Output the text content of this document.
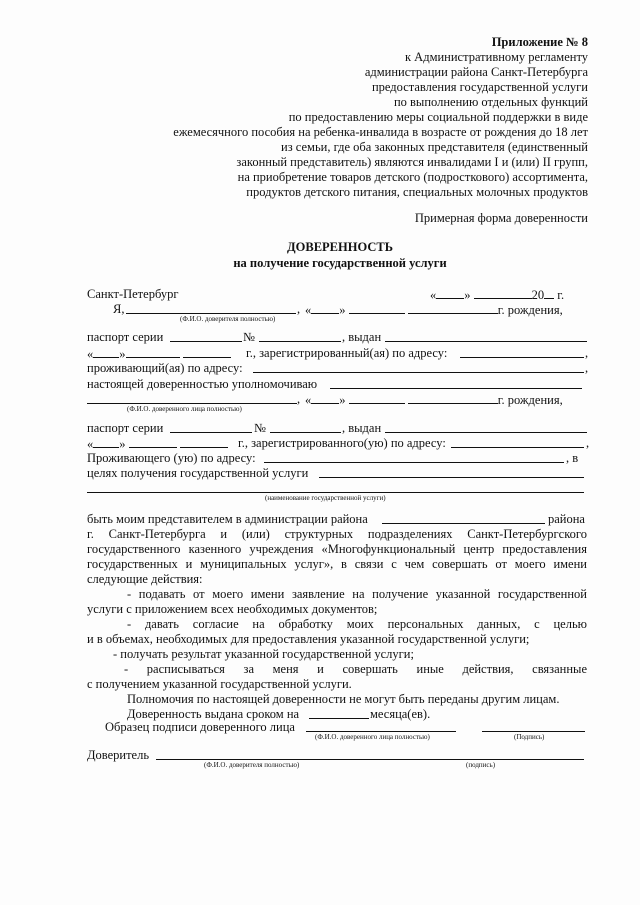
Приложение № 8
к Административному регламенту
администрации района Санкт-Петербурга
предоставления государственной услуги
по выполнению отдельных функций
по предоставлению меры социальной поддержки в виде
ежемесячного пособия на ребенка-инвалида в возрасте от рождения до 18 лет
из семьи, где оба законных представителя (единственный
законный представитель) являются инвалидами I и (или) II групп,
на приобретение товаров детского (подросткового) ассортимента,
продуктов детского питания, специальных молочных продуктов
Примерная форма доверенности
ДОВЕРЕННОСТЬ
на получение государственной услуги
Санкт-Петербург	« »	20 г.
Я,	, « »	г. рождения,
(Ф.И.О. доверителя полностью)
паспорт серии	№	, выдан
« »	г., зарегистрированный(ая) по адресу:	,
проживающий(ая) по адресу:	,
настоящей доверенностью уполномочиваю
, « »	г. рождения,
(Ф.И.О. доверенного лица полностью)
паспорт серии	№	, выдан
« »	г., зарегистрированного(ую) по адресу:	,
Проживающего (ую) по адресу:	, в
целях получения государственной услуги
(наименование государственной услуги)
быть моим представителем в администрации района	района
г. Санкт-Петербурга и (или) структурных подразделениях Санкт-Петербургского
государственного казенного учреждения «Многофункциональный центр предоставления
государственных и муниципальных услуг», в связи с чем совершать от моего имени
следующие действия:
- подавать от моего имени заявление на получение указанной государственной
услуги с приложением всех необходимых документов;
- давать согласие на обработку моих персональных данных, с целью
и в объемах, необходимых для предоставления указанной государственной услуги;
- получать результат указанной государственной услуги;
- расписываться за меня и совершать иные действия, связанные
с получением указанной государственной услуги.
Полномочия по настоящей доверенности не могут быть переданы другим лицам.
Доверенность выдана сроком на	месяца(ев).
Образец подписи доверенного лица
(Ф.И.О. доверенного лица полностью)	(Подпись)
Доверитель
(Ф.И.О. доверителя полностью)	(подпись)
